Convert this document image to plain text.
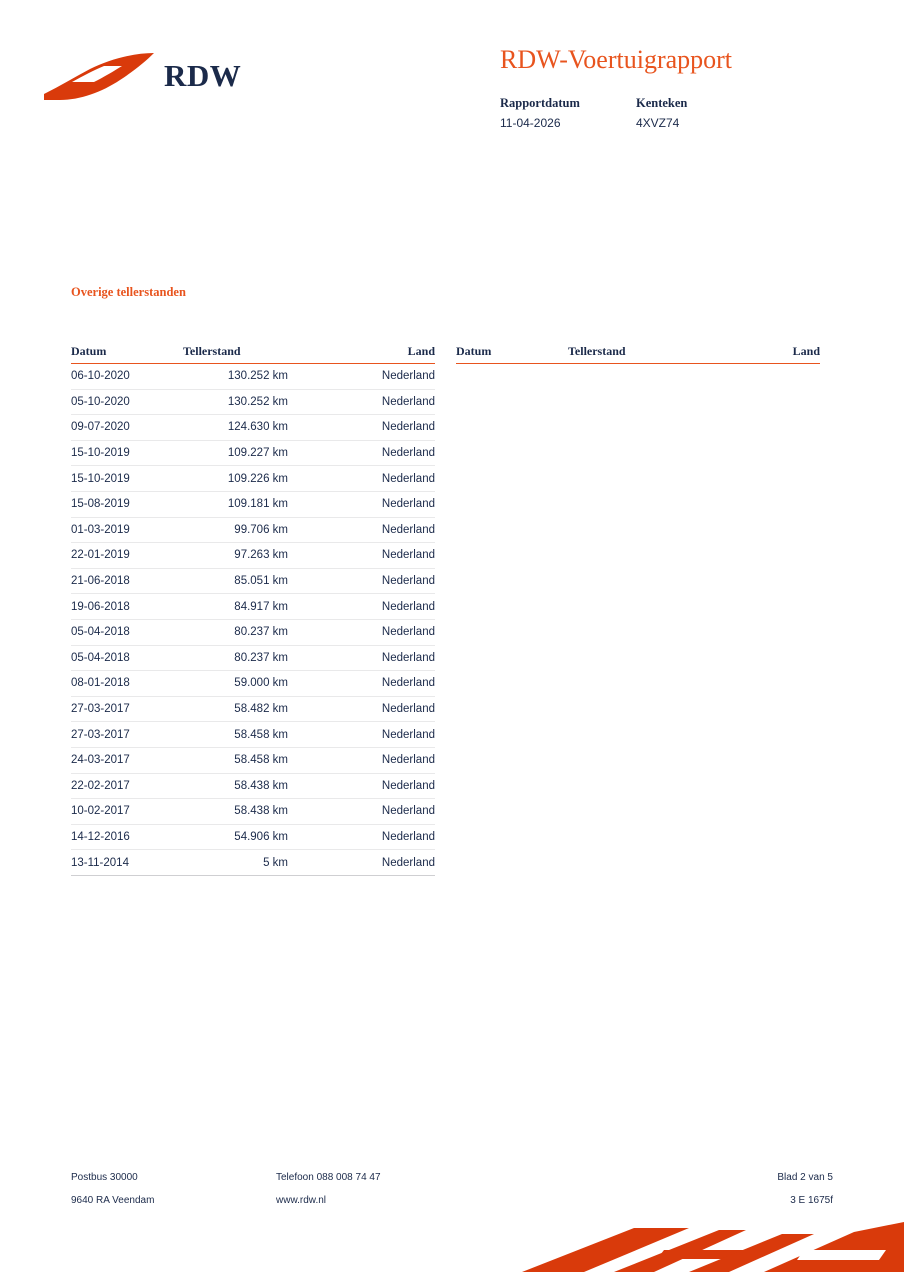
RDW	RDW-Voertuigrapport
Rapportdatum
11-04-2026
Kenteken
4XVZ74
Overige tellerstanden
Datum	Tellerstand	Land
06-10-2020	130.252 km	Nederland
05-10-2020	130.252 km	Nederland
09-07-2020	124.630 km	Nederland
15-10-2019	109.227 km	Nederland
15-10-2019	109.226 km	Nederland
15-08-2019	109.181 km	Nederland
01-03-2019	99.706 km	Nederland
22-01-2019	97.263 km	Nederland
21-06-2018	85.051 km	Nederland
19-06-2018	84.917 km	Nederland
05-04-2018	80.237 km	Nederland
05-04-2018	80.237 km	Nederland
08-01-2018	59.000 km	Nederland
27-03-2017	58.482 km	Nederland
27-03-2017	58.458 km	Nederland
24-03-2017	58.458 km	Nederland
22-02-2017	58.438 km	Nederland
10-02-2017	58.438 km	Nederland
14-12-2016	54.906 km	Nederland
13-11-2014	5 km	Nederland
Datum	Tellerstand	Land
Postbus 30000	Telefoon 088 008 74 47	Blad 2 van 5
9640 RA Veendam	www.rdw.nl	3 E 1675f
